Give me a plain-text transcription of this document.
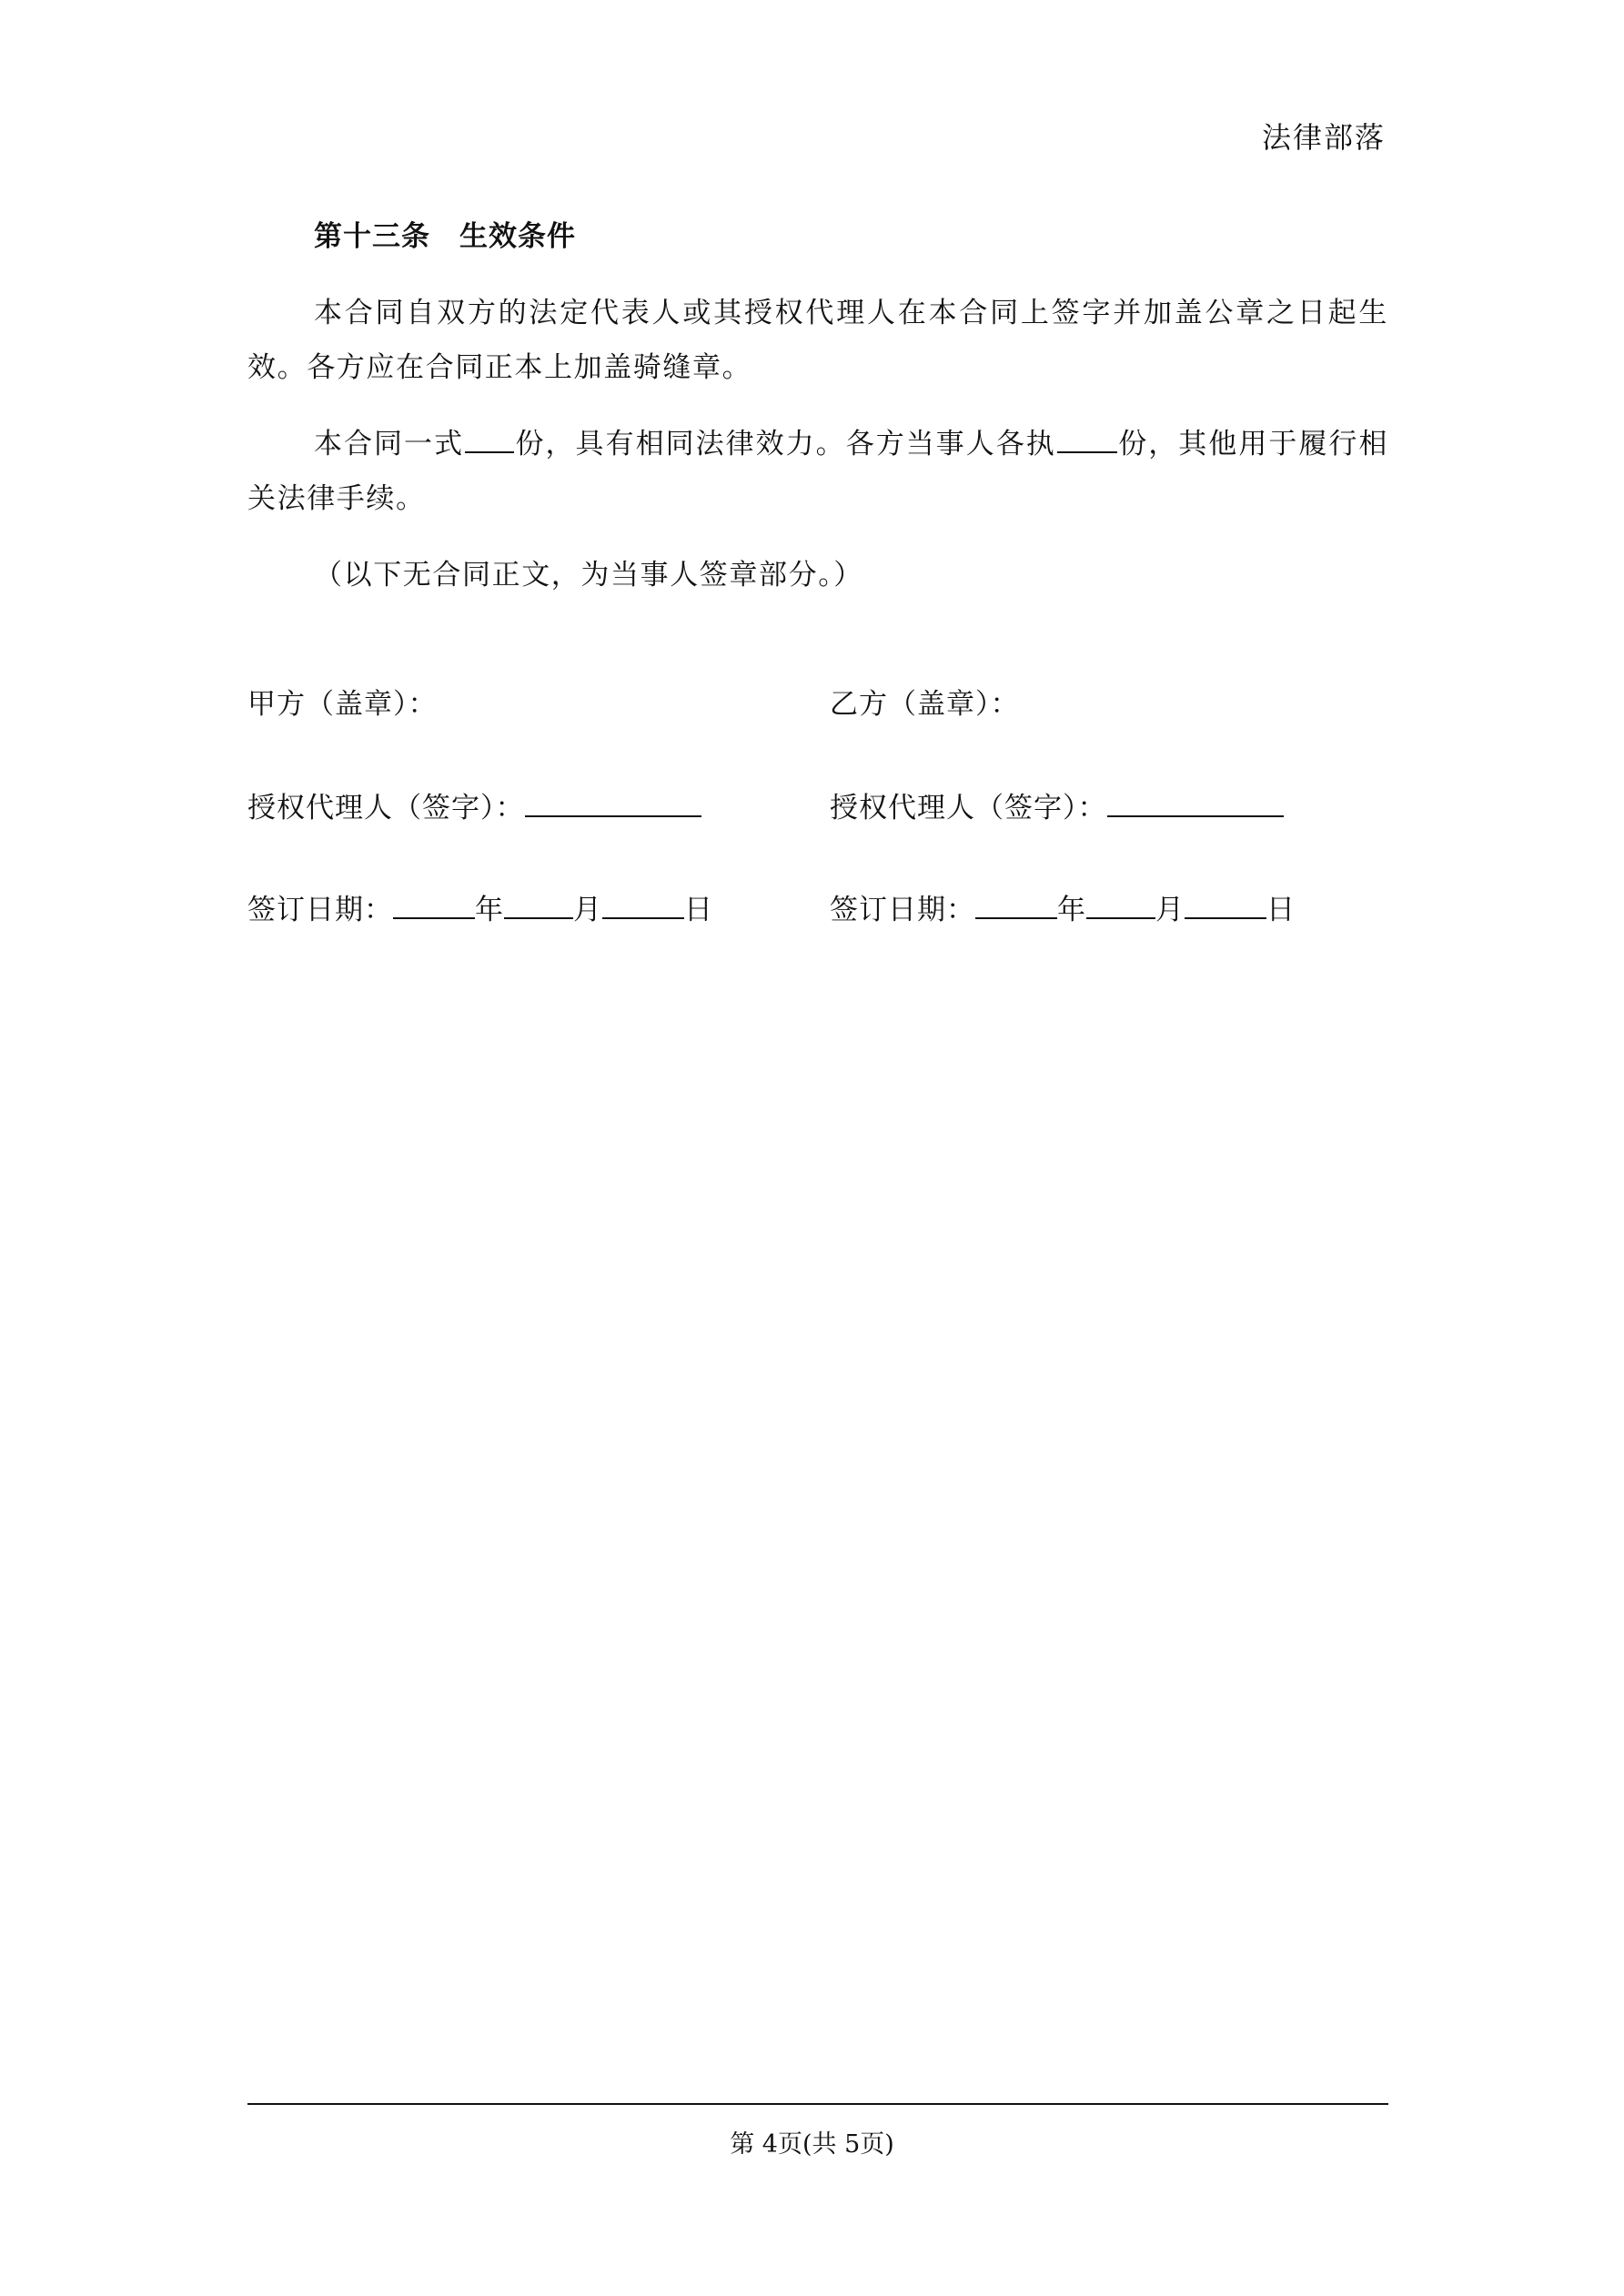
法律部落

第十三条　生效条件

本合同自双方的法定代表人或其授权代理人在本合同上签字并加盖公章之日起生效。各方应在合同正本上加盖骑缝章。

本合同一式 份，具有相同法律效力。各方当事人各执 份，其他用于履行相关法律手续。

（以下无合同正文，为当事人签章部分。）

甲方（盖章）：	乙方（盖章）：
授权代理人（签字）：	授权代理人（签字）：
签订日期：	年 月	日	签订日期：	年 月	日
第 4页(共 5页)
